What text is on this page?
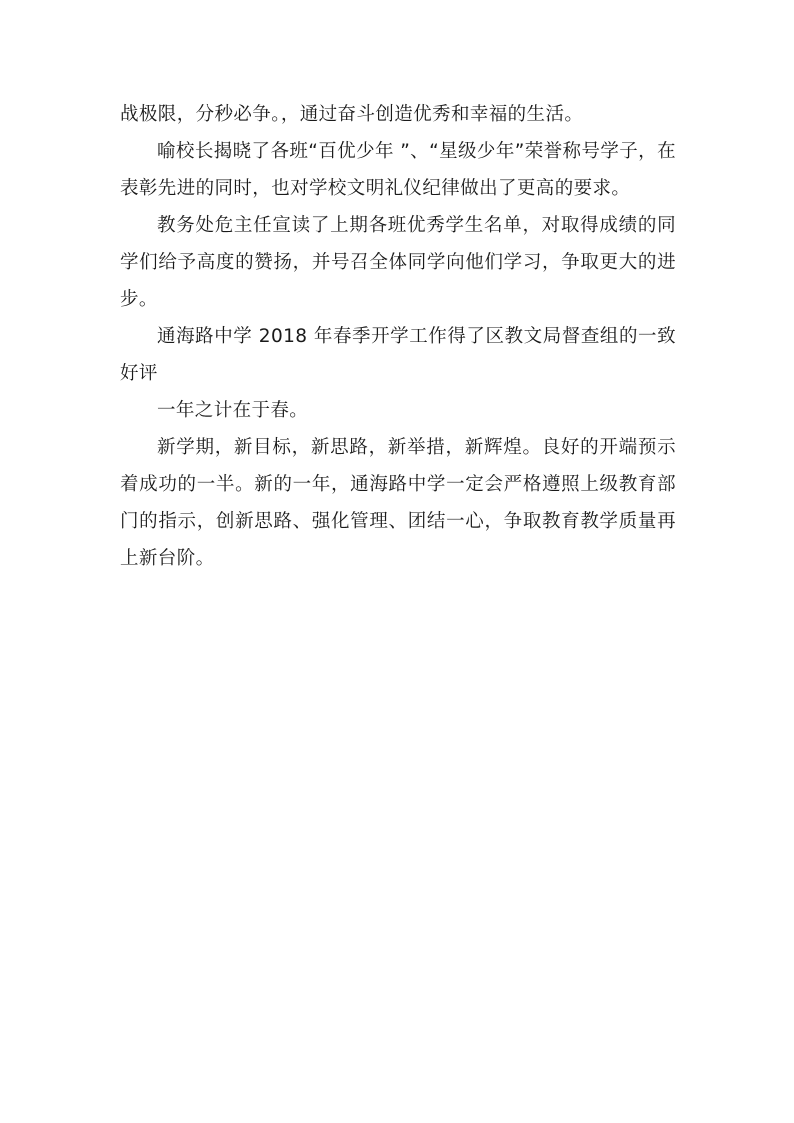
战极限，分秒必争。，通过奋斗创造优秀和幸福的生活。

喻校长揭晓了各班“百优少年 ”、“星级少年”荣誉称号学子，在表彰先进的同时，也对学校文明礼仪纪律做出了更高的要求。

教务处危主任宣读了上期各班优秀学生名单，对取得成绩的同学们给予高度的赞扬，并号召全体同学向他们学习，争取更大的进步。

通海路中学 2018 年春季开学工作得了区教文局督查组的一致好评

一年之计在于春。

新学期，新目标，新思路，新举措，新辉煌。良好的开端预示着成功的一半。新的一年，通海路中学一定会严格遵照上级教育部门的指示，创新思路、强化管理、团结一心，争取教育教学质量再上新台阶。
